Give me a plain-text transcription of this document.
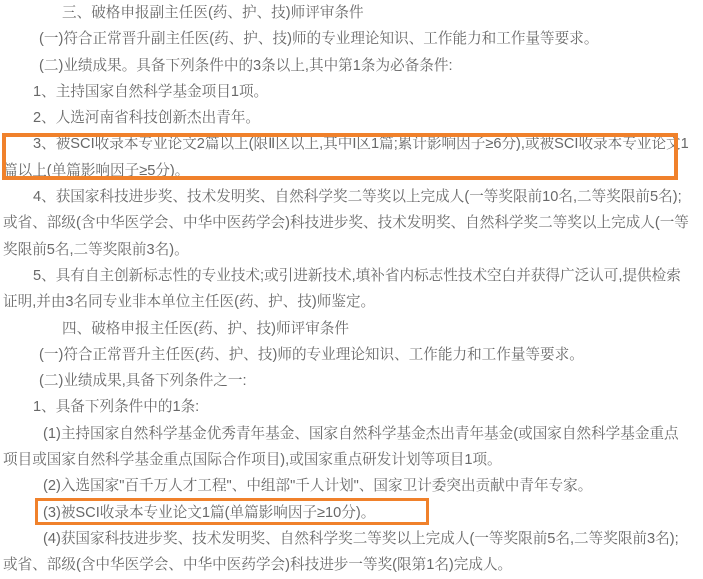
三、破格申报副主任医(药、护、技)师评审条件

(一)符合正常晋升副主任医(药、护、技)师的专业理论知识、工作能力和工作量等要求。

(二)业绩成果。具备下列条件中的3条以上,其中第1条为必备条件:

1、主持国家自然科学基金项目1项。

2、人选河南省科技创新杰出青年。

3、被SCI收录本专业论文2篇以上(限Ⅱ区以上,其中I区1篇;累计影响因子≥6分),或被SCI收录本专业论文1篇以上(单篇影响因子≥5分)。

4、获国家科技进步奖、技术发明奖、自然科学奖二等奖以上完成人(一等奖限前10名,二等奖限前5名);或省、部级(含中华医学会、中华中医药学会)科技进步奖、技术发明奖、自然科学奖二等奖以上完成人(一等奖限前5名,二等奖限前3名)。

5、具有自主创新标志性的专业技术;或引进新技术,填补省内标志性技术空白并获得广泛认可,提供检索证明,并由3名同专业非本单位主任医(药、护、技)师鉴定。

四、破格申报主任医(药、护、技)师评审条件

(一)符合正常晋升主任医(药、护、技)师的专业理论知识、工作能力和工作量等要求。

(二)业绩成果,具备下列条件之一:

1、具备下列条件中的1条:

(1)主持国家自然科学基金优秀青年基金、国家自然科学基金杰出青年基金(或国家自然科学基金重点项目或国家自然科学基金重点国际合作项目),或国家重点研发计划等项目1项。

(2)入选国家"百千万人才工程"、中组部"千人计划"、国家卫计委突出贡献中青年专家。

(3)被SCI收录本专业论文1篇(单篇影响因子≥10分)。

(4)获国家科技进步奖、技术发明奖、自然科学奖二等奖以上完成人(一等奖限前5名,二等奖限前3名);或省、部级(含中华医学会、中华中医药学会)科技进步一等奖(限第1名)完成人。
